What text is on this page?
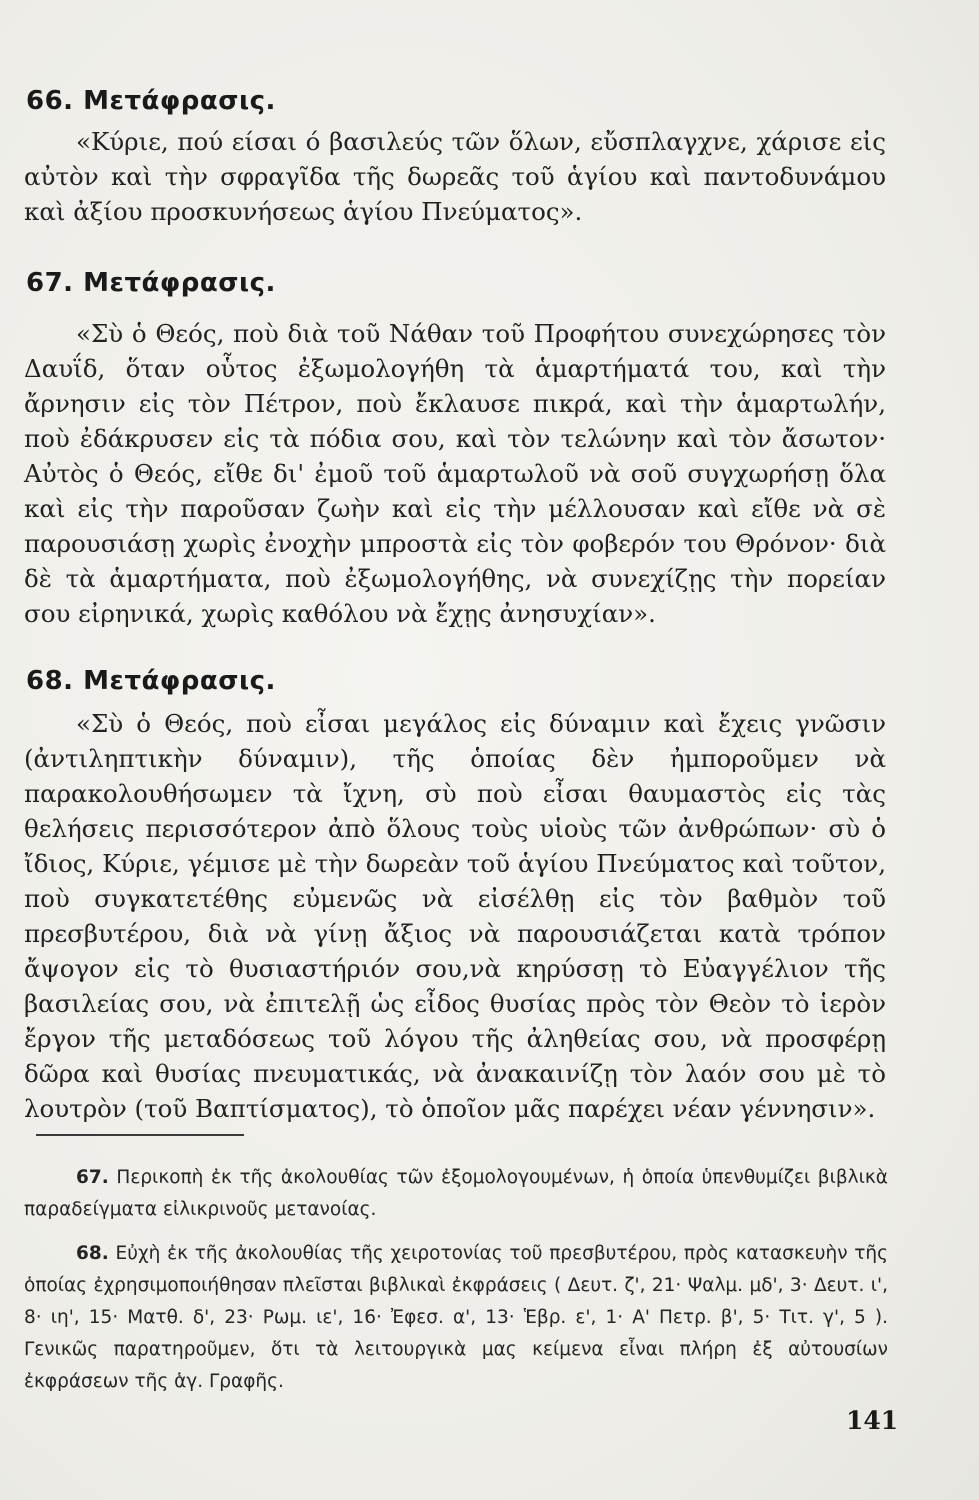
66. Μετάφρασις.
«Κύριε, πού είσαι ό βασιλεύς τῶν ὅλων, εὔσπλαγχνε, χάρισε εἰς αὐτὸν καὶ τὴν σφραγῖδα τῆς δωρεᾶς τοῦ ἁγίου καὶ παντοδυνάμου καὶ ἀξίου προσκυνήσεως ἁγίου Πνεύματος».
67. Μετάφρασις.
«Σὺ ὁ Θεός, ποὺ διὰ τοῦ Νάθαν τοῦ Προφήτου συνεχώρησες τὸν Δαυΐδ, ὅταν οὗτος ἐξωμολογήθη τὰ ἁμαρτήματά του, καὶ τὴν ἄρνησιν εἰς τὸν Πέτρον, ποὺ ἔκλαυσε πικρά, καὶ τὴν ἁμαρτωλήν, ποὺ ἐδάκρυσεν εἰς τὰ πόδια σου, καὶ τὸν τελώνην καὶ τὸν ἄσωτον· Αὐτὸς ὁ Θεός, εἴθε δι' ἐμοῦ τοῦ ἁμαρτωλοῦ νὰ σοῦ συγχωρήσῃ ὅλα καὶ εἰς τὴν παροῦσαν ζωὴν καὶ εἰς τὴν μέλλουσαν καὶ εἴθε νὰ σὲ παρουσιάσῃ χωρὶς ἐνοχὴν μπροστὰ εἰς τὸν φοβερόν του Θρόνον· διὰ δὲ τὰ ἁμαρτήματα, ποὺ ἐξωμολογήθης, νὰ συνεχίζῃς τὴν πορείαν σου εἰρηνικά, χωρὶς καθόλου νὰ ἔχῃς ἀνησυχίαν».
68. Μετάφρασις.
«Σὺ ὁ Θεός, ποὺ εἶσαι μεγάλος εἰς δύναμιν καὶ ἔχεις γνῶσιν (ἀντιληπτικὴν δύναμιν), τῆς ὁποίας δὲν ἠμποροῦμεν νὰ παρακολουθήσωμεν τὰ ἴχνη, σὺ ποὺ εἶσαι θαυμαστὸς εἰς τὰς θελήσεις περισσότερον ἀπὸ ὅλους τοὺς υἱοὺς τῶν ἀνθρώπων· σὺ ὁ ἴδιος, Κύριε, γέμισε μὲ τὴν δωρεὰν τοῦ ἁγίου Πνεύματος καὶ τοῦτον, ποὺ συγκατετέθης εὐμενῶς νὰ εἰσέλθῃ εἰς τὸν βαθμὸν τοῦ πρεσβυτέρου, διὰ νὰ γίνῃ ἄξιος νὰ παρουσιάζεται κατὰ τρόπον ἄψογον εἰς τὸ θυσιαστήριόν σου,νὰ κηρύσσῃ τὸ Εὐαγγέλιον τῆς βασιλείας σου, νὰ ἐπιτελῇ ὡς εἶδος θυσίας πρὸς τὸν Θεὸν τὸ ἱερὸν ἔργον τῆς μεταδόσεως τοῦ λόγου τῆς ἀληθείας σου, νὰ προσφέρῃ δῶρα καὶ θυσίας πνευματικάς, νὰ ἀνακαινίζῃ τὸν λαόν σου μὲ τὸ λουτρὸν (τοῦ Βαπτίσματος), τὸ ὁποῖον μᾶς παρέχει νέαν γέννησιν».
67. Περικοπὴ ἐκ τῆς ἀκολουθίας τῶν ἐξομολογουμένων, ἡ ὁποία ὑπενθυμίζει βιβλικὰ παραδείγματα εἰλικρινοῦς μετανοίας.
68. Εὐχὴ ἐκ τῆς ἀκολουθίας τῆς χειροτονίας τοῦ πρεσβυτέρου, πρὸς κατασκευὴν τῆς ὁποίας ἐχρησιμοποιήθησαν πλεῖσται βιβλικαὶ ἐκφράσεις ( Δευτ. ζ', 21· Ψαλμ. μδ', 3· Δευτ. ι', 8· ιη', 15· Ματθ. δ', 23· Ρωμ. ιε', 16· Ἐφεσ. α', 13· Ἑβρ. ε', 1· Α' Πετρ. β', 5· Τιτ. γ', 5 ). Γενικῶς παρατηροῦμεν, ὅτι τὰ λειτουργικὰ μας κείμενα εἶναι πλήρη ἐξ αὐτουσίων ἐκφράσεων τῆς ἁγ. Γραφῆς.
141
